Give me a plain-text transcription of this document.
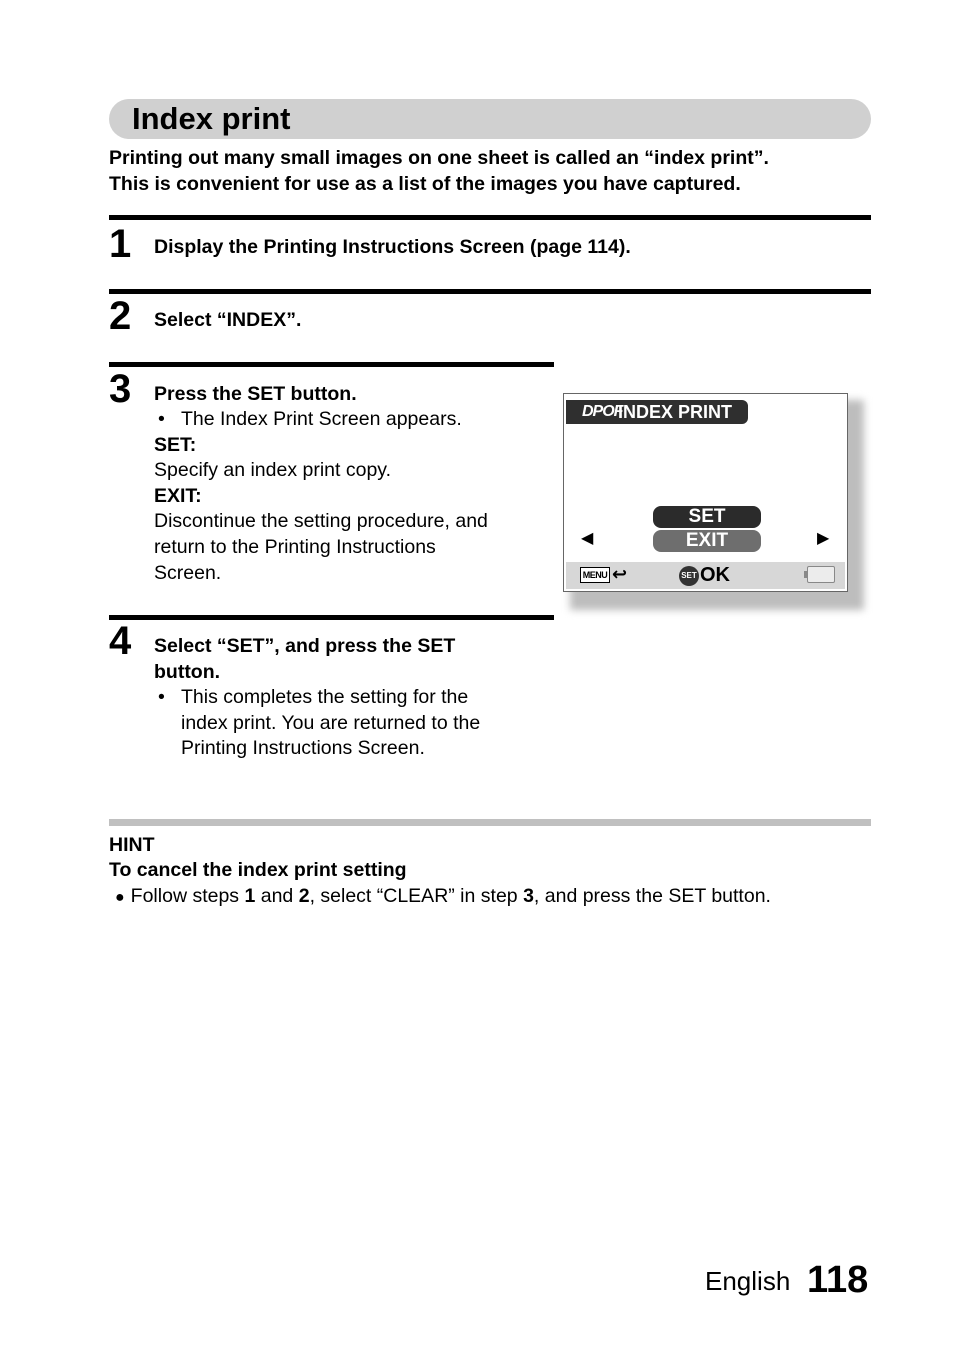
Index print
Printing out many small images on one sheet is called an “index print”.
This is convenient for use as a list of the images you have captured.
1 Display the Printing Instructions Screen (page 114).
2 Select “INDEX”.
3 Press the SET button.
• The Index Print Screen appears.
SET:
Specify an index print copy.
EXIT:
Discontinue the setting procedure, and
return to the Printing Instructions
Screen.
DPOF
INDEX PRINT
◀
SET
EXIT	▶
MENU ↩	SET OK
4 Select “SET”, and press the SET
button.
• This completes the setting for the
index print. You are returned to the
Printing Instructions Screen.
HINT
To cancel the index print setting
● Follow steps 1 and 2, select “CLEAR” in step 3, and press the SET button.
English 118
